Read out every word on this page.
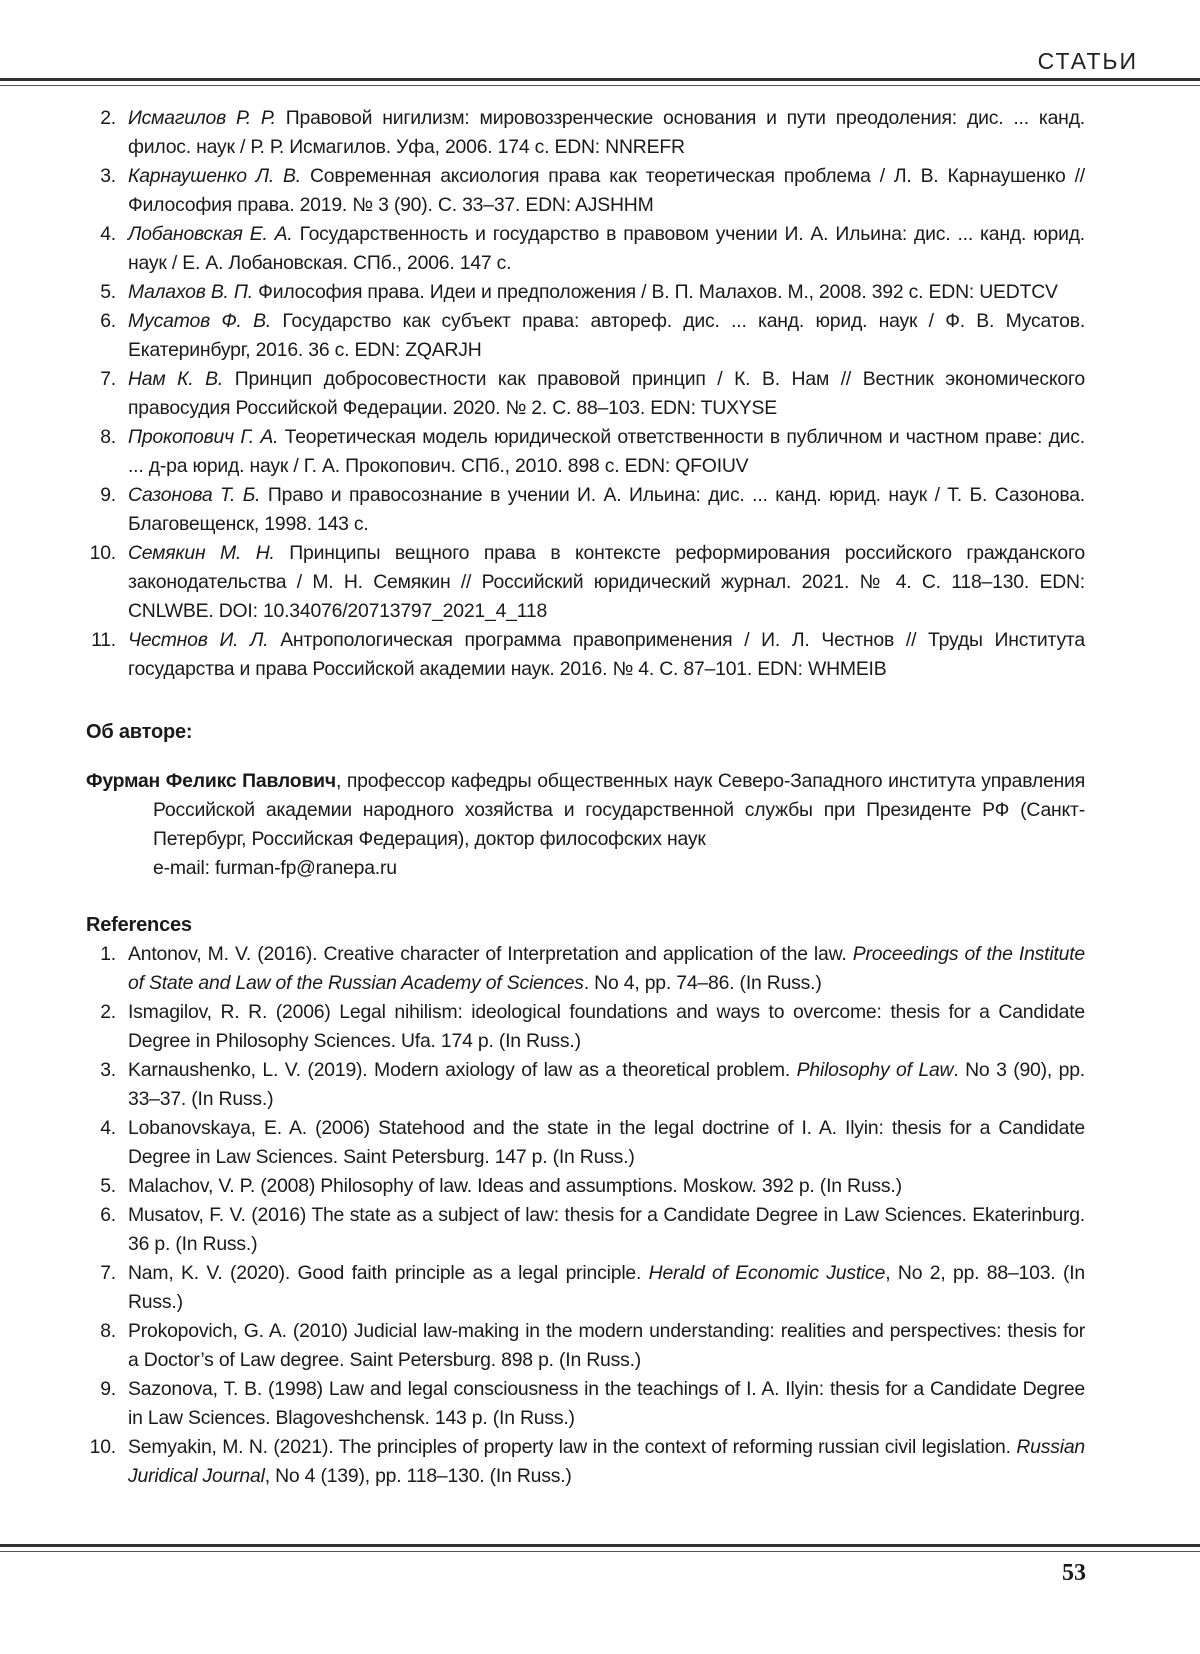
СТАТЬИ
2. Исмагилов Р. Р. Правовой нигилизм: мировоззренческие основания и пути преодоления: дис. ... канд. филос. наук / Р. Р. Исмагилов. Уфа, 2006. 174 с. EDN: NNREFR
3. Карнаушенко Л. В. Современная аксиология права как теоретическая проблема / Л. В. Карнаушенко // Философия права. 2019. № 3 (90). С. 33–37. EDN: AJSHHM
4. Лобановская Е. А. Государственность и государство в правовом учении И. А. Ильина: дис. ... канд. юрид. наук / Е. А. Лобановская. СПб., 2006. 147 с.
5. Малахов В. П. Философия права. Идеи и предположения / В. П. Малахов. М., 2008. 392 с. EDN: UEDTCV
6. Мусатов Ф. В. Государство как субъект права: автореф. дис. ... канд. юрид. наук / Ф. В. Мусатов. Екатеринбург, 2016. 36 с. EDN: ZQARJH
7. Нам К. В. Принцип добросовестности как правовой принцип / К. В. Нам // Вестник экономического правосудия Российской Федерации. 2020. № 2. С. 88–103. EDN: TUXYSE
8. Прокопович Г. А. Теоретическая модель юридической ответственности в публичном и частном праве: дис. ... д-ра юрид. наук / Г. А. Прокопович. СПб., 2010. 898 с. EDN: QFOIUV
9. Сазонова Т. Б. Право и правосознание в учении И. А. Ильина: дис. ... канд. юрид. наук / Т. Б. Сазонова. Благовещенск, 1998. 143 с.
10. Семякин М. Н. Принципы вещного права в контексте реформирования российского гражданского законодательства / М. Н. Семякин // Российский юридический журнал. 2021. № 4. С. 118–130. EDN: CNLWBE. DOI: 10.34076/20713797_2021_4_118
11. Честнов И. Л. Антропологическая программа правоприменения / И. Л. Честнов // Труды Института государства и права Российской академии наук. 2016. № 4. С. 87–101. EDN: WHMEIB
Об авторе:
Фурман Феликс Павлович, профессор кафедры общественных наук Северо-Западного института управления Российской академии народного хозяйства и государственной службы при Президенте РФ (Санкт-Петербург, Российская Федерация), доктор философских наук
e-mail: furman-fp@ranepa.ru
References
1. Antonov, M. V. (2016). Creative character of Interpretation and application of the law. Proceedings of the Institute of State and Law of the Russian Academy of Sciences. No 4, pp. 74–86. (In Russ.)
2. Ismagilov, R. R. (2006) Legal nihilism: ideological foundations and ways to overcome: thesis for a Candidate Degree in Philosophy Sciences. Ufa. 174 p. (In Russ.)
3. Karnaushenko, L. V. (2019). Modern axiology of law as a theoretical problem. Philosophy of Law. No 3 (90), pp. 33–37. (In Russ.)
4. Lobanovskaya, E. A. (2006) Statehood and the state in the legal doctrine of I. A. Ilyin: thesis for a Candidate Degree in Law Sciences. Saint Petersburg. 147 p. (In Russ.)
5. Malachov, V. P. (2008) Philosophy of law. Ideas and assumptions. Moskow. 392 p. (In Russ.)
6. Musatov, F. V. (2016) The state as a subject of law: thesis for a Candidate Degree in Law Sciences. Ekaterinburg. 36 p. (In Russ.)
7. Nam, K. V. (2020). Good faith principle as a legal principle. Herald of Economic Justice, No 2, pp. 88–103. (In Russ.)
8. Prokopovich, G. A. (2010) Judicial law-making in the modern understanding: realities and perspectives: thesis for a Doctor’s of Law degree. Saint Petersburg. 898 p. (In Russ.)
9. Sazonova, T. B. (1998) Law and legal consciousness in the teachings of I. A. Ilyin: thesis for a Candidate Degree in Law Sciences. Blagoveshchensk. 143 p. (In Russ.)
10. Semyakin, M. N. (2021). The principles of property law in the context of reforming russian civil legislation. Russian Juridical Journal, No 4 (139), pp. 118–130. (In Russ.)
53
